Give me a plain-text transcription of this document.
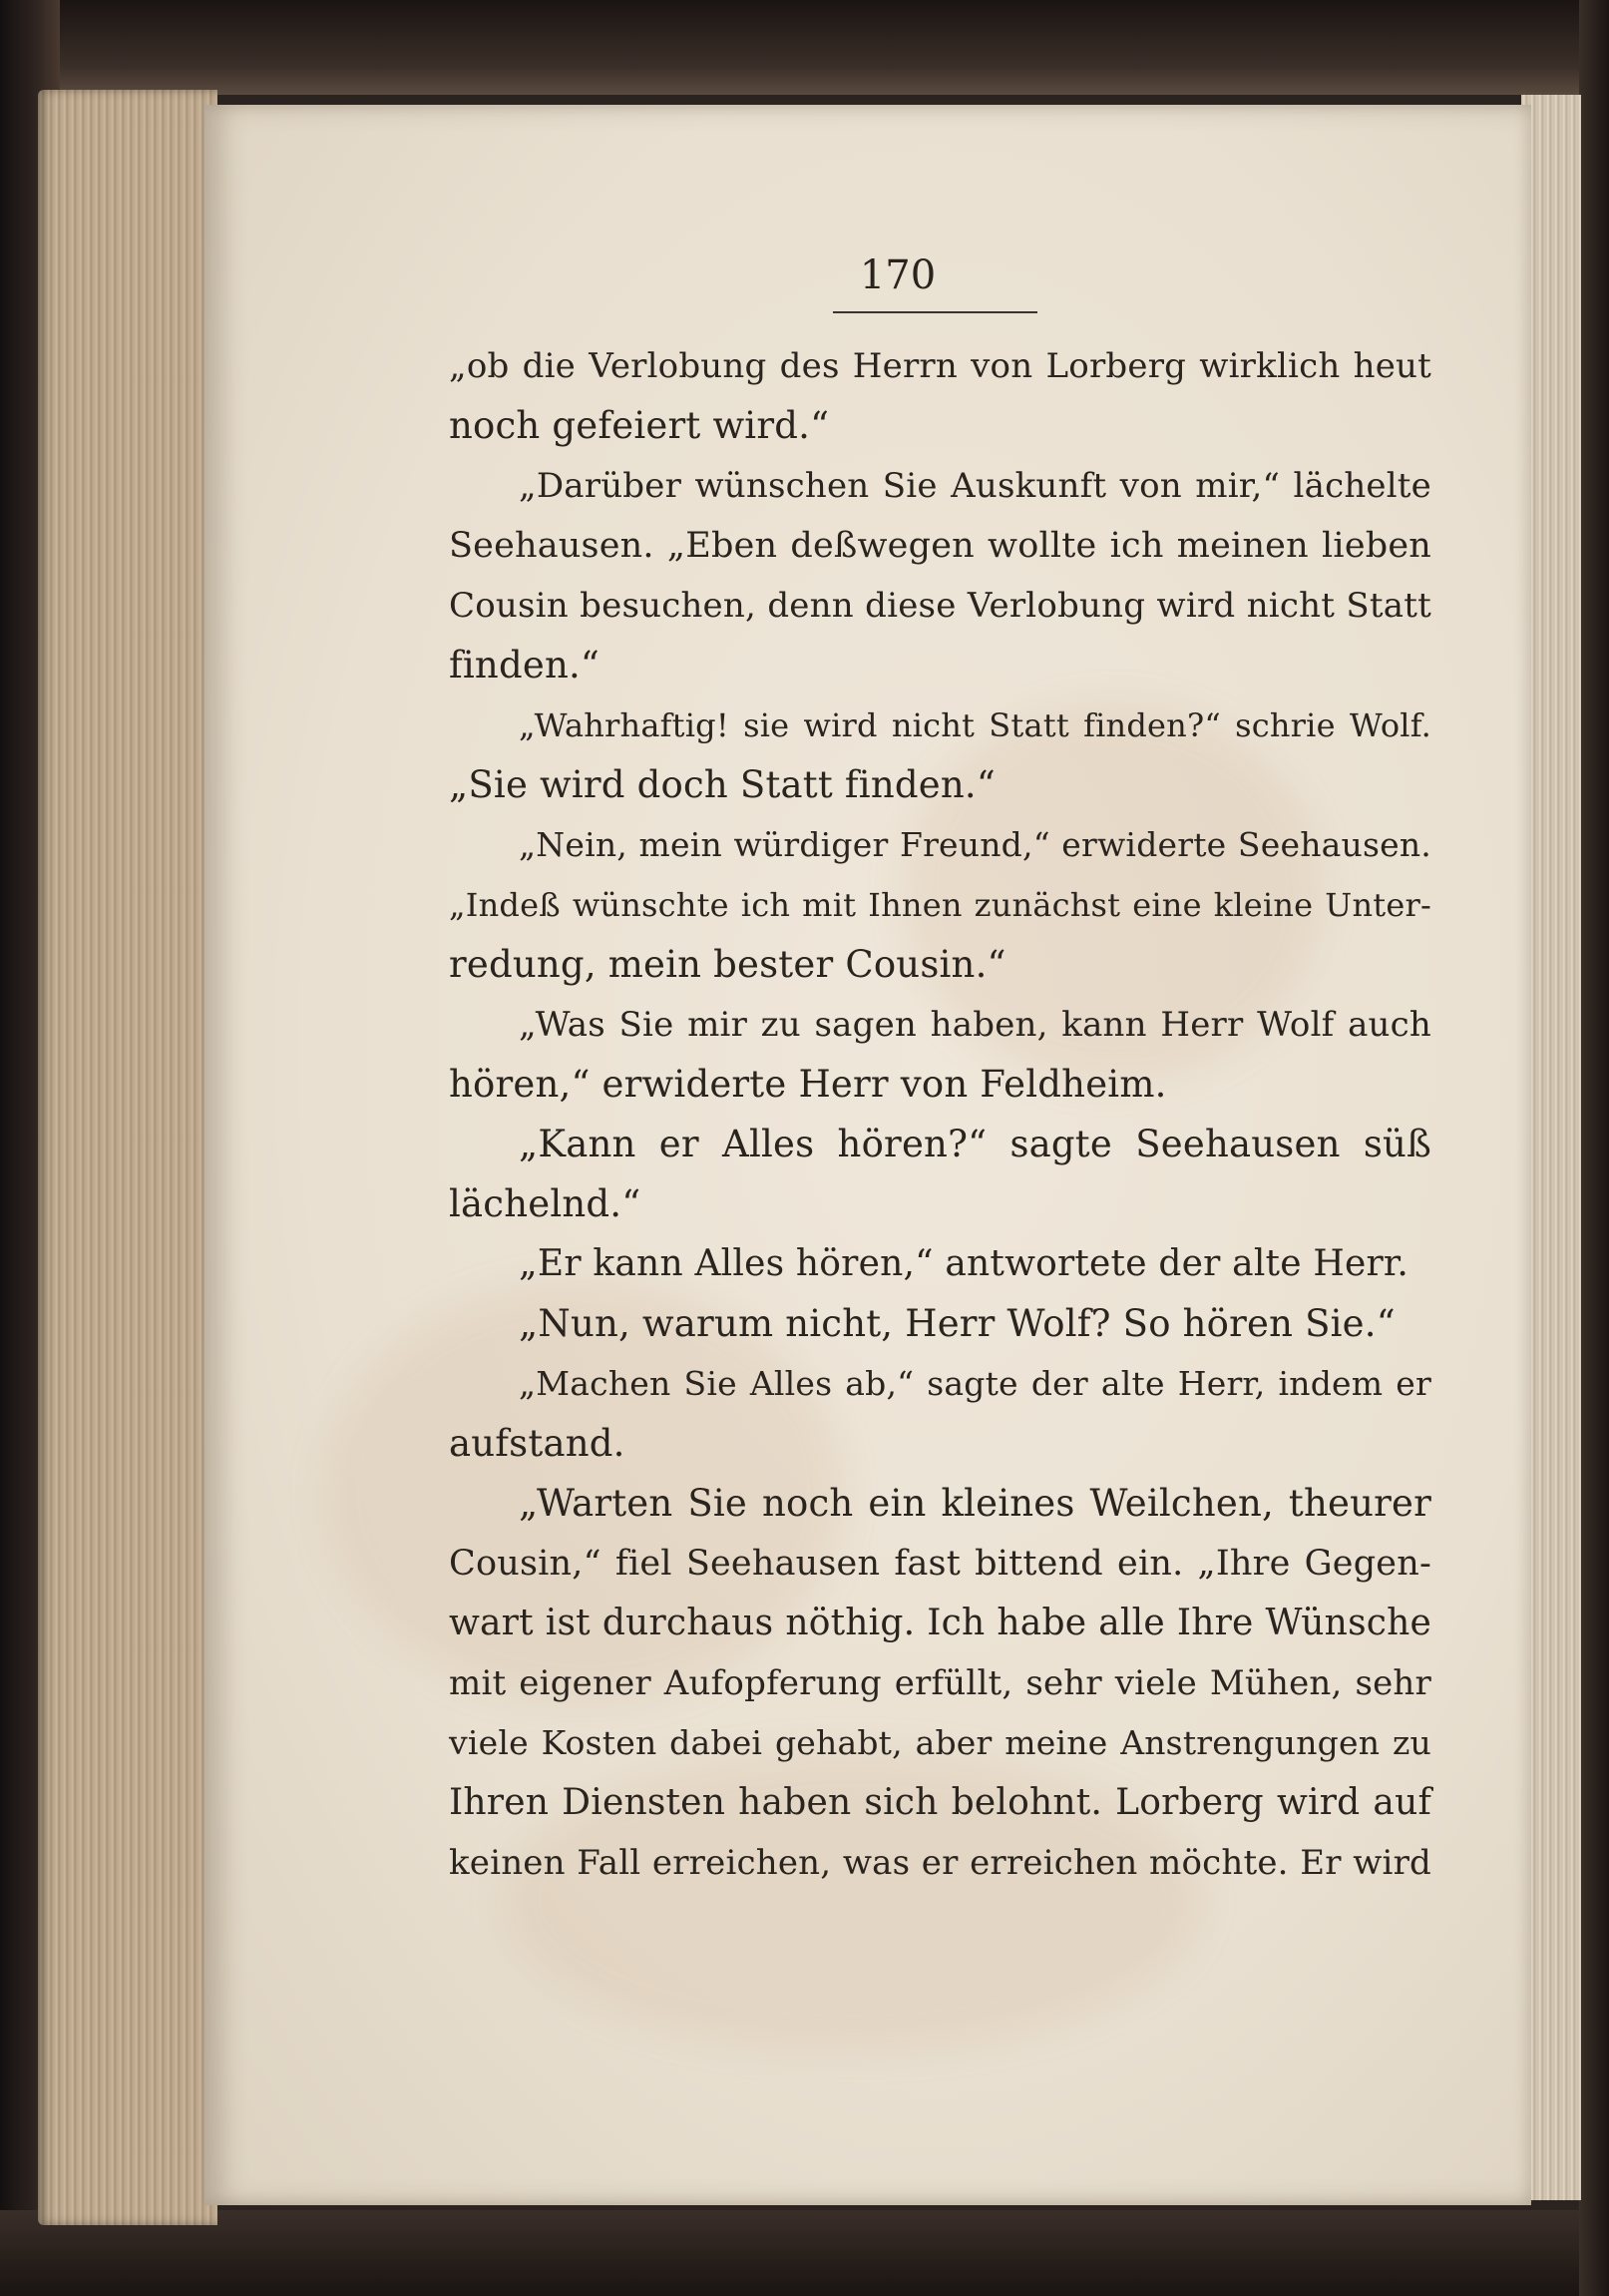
170
„ob die Verlobung des Herrn von Lorberg wirklich heut
noch gefeiert wird.“
„Darüber wünschen Sie Auskunft von mir,“ lächelte
Seehausen. „Eben deßwegen wollte ich meinen lieben
Cousin besuchen, denn diese Verlobung wird nicht Statt
finden.“
„Wahrhaftig! sie wird nicht Statt finden?“ schrie Wolf.
„Sie wird doch Statt finden.“
„Nein, mein würdiger Freund,“ erwiderte Seehausen.
„Indeß wünschte ich mit Ihnen zunächst eine kleine Unter-
redung, mein bester Cousin.“
„Was Sie mir zu sagen haben, kann Herr Wolf auch
hören,“ erwiderte Herr von Feldheim.
„Kann er Alles hören?“ sagte Seehausen süß
lächelnd.“
„Er kann Alles hören,“ antwortete der alte Herr.
„Nun, warum nicht, Herr Wolf? So hören Sie.“
„Machen Sie Alles ab,“ sagte der alte Herr, indem er
aufstand.
„Warten Sie noch ein kleines Weilchen, theurer
Cousin,“ fiel Seehausen fast bittend ein. „Ihre Gegen-
wart ist durchaus nöthig. Ich habe alle Ihre Wünsche
mit eigener Aufopferung erfüllt, sehr viele Mühen, sehr
viele Kosten dabei gehabt, aber meine Anstrengungen zu
Ihren Diensten haben sich belohnt. Lorberg wird auf
keinen Fall erreichen, was er erreichen möchte. Er wird
